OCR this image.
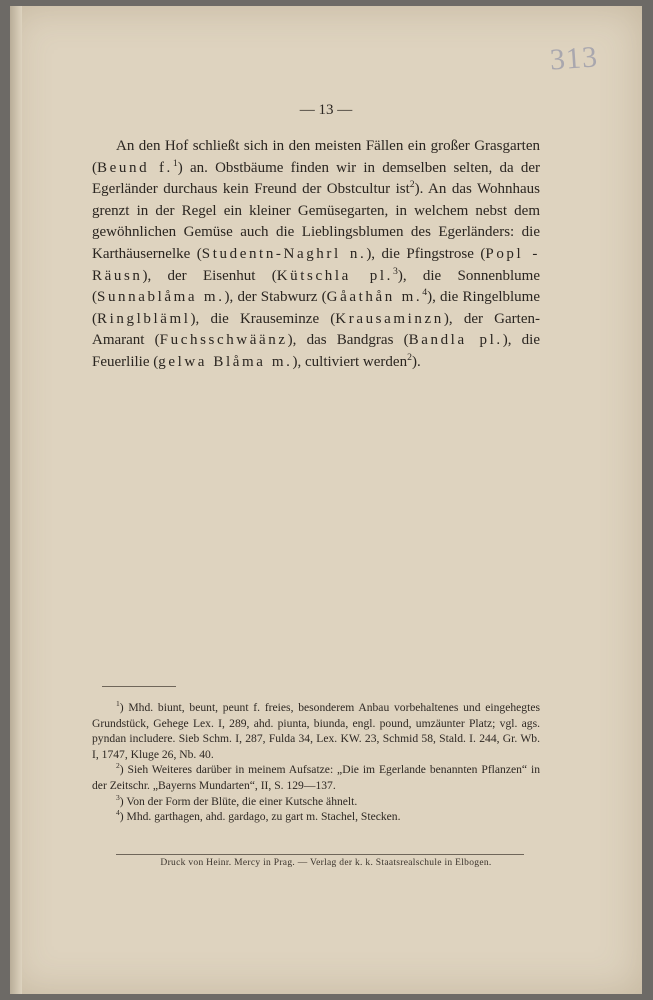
313
— 13 —

An den Hof schließt sich in den meisten Fällen ein großer Grasgarten (Beund f.$^1$) an. Obstbäume finden wir in demselben selten, da der Egerländer durchaus kein Freund der Obstcultur ist$^2$). An das Wohnhaus grenzt in der Regel ein kleiner Gemüsegarten, in welchem nebst dem gewöhnlichen Gemüse auch die Lieblingsblumen des Egerländers: die Karthäusernelke (Studentn-Naghrl n.), die Pfingstrose (Popl - Räusn), der Eisenhut (Kütschla pl.$^3$), die Sonnenblume (Sunnablåma m.), der Stabwurz (Gåathån m.$^4$), die Ringelblume (Ringlbläml), die Krauseminze (Krausaminzn), der Garten-Amarant (Fuchsschwäänz), das Bandgras (Bandla pl.), die Feuerlilie (gelwa Blåma m.), cultiviert werden$^2$).

$^1$) Mhd. biunt, beunt, peunt f. freies, besonderem Anbau vorbehaltenes und eingehegtes Grundstück, Gehege Lex. I, 289, ahd. piunta, biunda, engl. pound, umzäunter Platz; vgl. ags. pyndan includere. Sieb Schm. I, 287, Fulda 34, Lex. KW. 23, Schmid 58, Stald. I. 244, Gr. Wb. I, 1747, Kluge 26, Nb. 40.

$^2$) Sieh Weiteres darüber in meinem Aufsatze: „Die im Egerlande benannten Pflanzen“ in der Zeitschr. „Bayerns Mundarten“, II, S. 129—137.

$^3$) Von der Form der Blüte, die einer Kutsche ähnelt.

$^4$) Mhd. garthagen, ahd. gardago, zu gart m. Stachel, Stecken.

Druck von Heinr. Mercy in Prag. — Verlag der k. k. Staatsrealschule in Elbogen.
